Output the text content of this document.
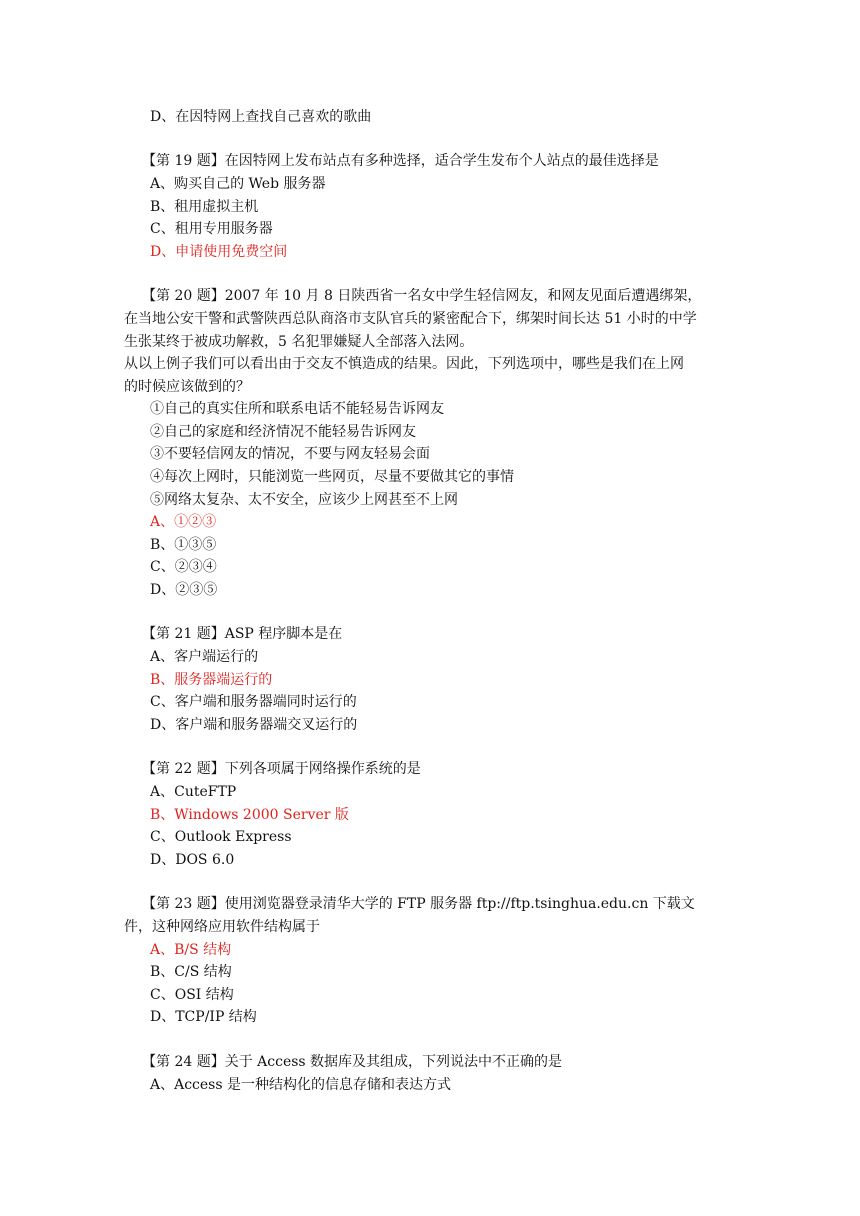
D、在因特网上查找自己喜欢的歌曲
【第 19 题】在因特网上发布站点有多种选择，适合学生发布个人站点的最佳选择是
A、购买自己的 Web 服务器
B、租用虚拟主机
C、租用专用服务器
D、申请使用免费空间
【第 20 题】2007 年 10 月 8 日陕西省一名女中学生轻信网友，和网友见面后遭遇绑架，
在当地公安干警和武警陕西总队商洛市支队官兵的紧密配合下，绑架时间长达 51 小时的中学
生张某终于被成功解救，5 名犯罪嫌疑人全部落入法网。
从以上例子我们可以看出由于交友不慎造成的结果。因此，下列选项中，哪些是我们在上网
的时候应该做到的？
①自己的真实住所和联系电话不能轻易告诉网友
②自己的家庭和经济情况不能轻易告诉网友
③不要轻信网友的情况，不要与网友轻易会面
④每次上网时，只能浏览一些网页，尽量不要做其它的事情
⑤网络太复杂、太不安全，应该少上网甚至不上网
A、①②③
B、①③⑤
C、②③④
D、②③⑤
【第 21 题】ASP 程序脚本是在
A、客户端运行的
B、服务器端运行的
C、客户端和服务器端同时运行的
D、客户端和服务器端交叉运行的
【第 22 题】下列各项属于网络操作系统的是
A、CuteFTP
B、Windows 2000 Server 版
C、Outlook Express
D、DOS 6.0
【第 23 题】使用浏览器登录清华大学的 FTP 服务器 ftp://ftp.tsinghua.edu.cn 下载文
件，这种网络应用软件结构属于
A、B/S 结构
B、C/S 结构
C、OSI 结构
D、TCP/IP 结构
【第 24 题】关于 Access 数据库及其组成，下列说法中不正确的是
A、Access 是一种结构化的信息存储和表达方式
